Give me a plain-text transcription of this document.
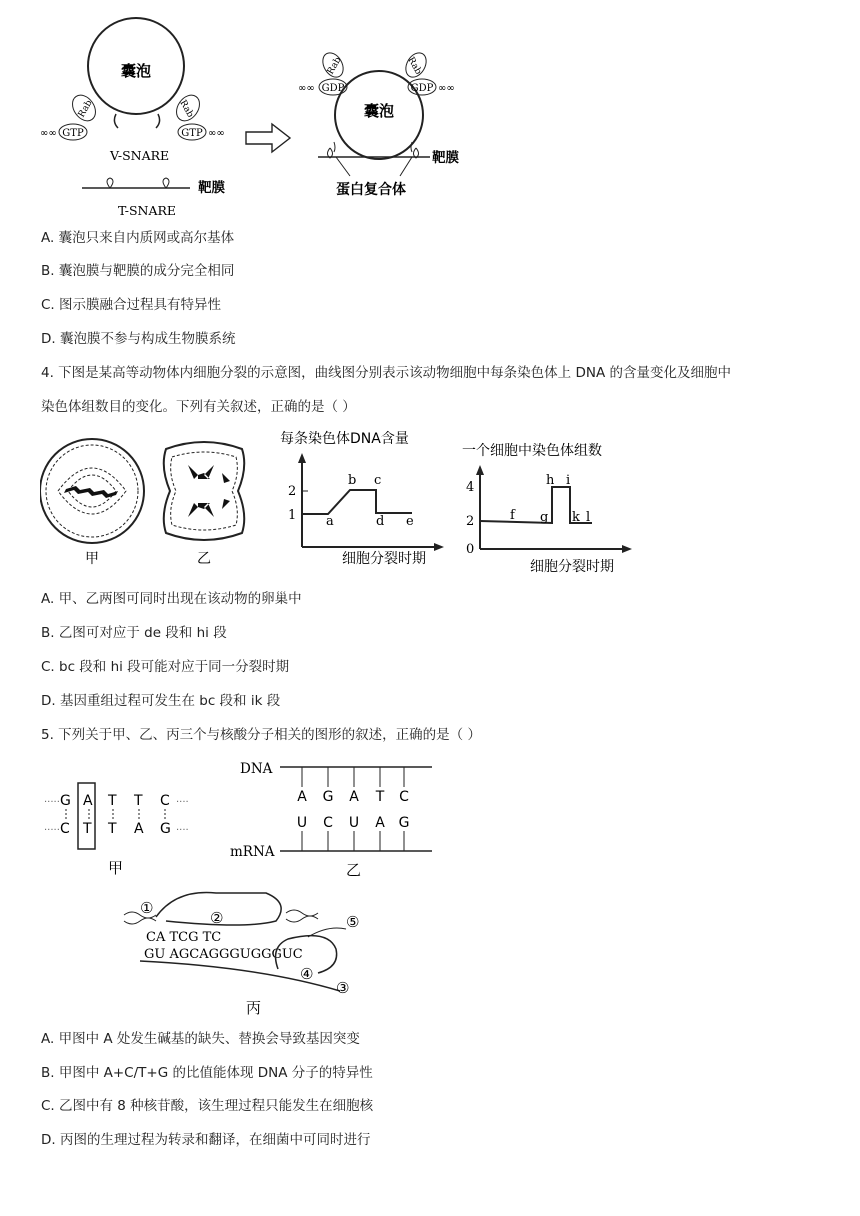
囊泡
Rab
GTP
∞∞
Rab
GTP ∞∞
V-SNARE
靶膜
T-SNARE
囊泡
靶膜
蛋白复合体
Rab
GDP
∞∞
Rab
GDP ∞∞
A. 囊泡只来自内质网或高尔基体
B. 囊泡膜与靶膜的成分完全相同
C. 图示膜融合过程具有特异性
D. 囊泡膜不参与构成生物膜系统
4. 下图是某高等动物体内细胞分裂的示意图，曲线图分别表示该动物细胞中每条染色体上 DNA 的含量变化及细胞中
染色体组数目的变化。下列有关叙述，正确的是（ ）
甲	乙
每条染色体DNA含量
2
1 a
b c
d e
细胞分裂时期
一个细胞中染色体组数
4
2
0
f g
h i
k l
细胞分裂时期
A. 甲、乙两图可同时出现在该动物的卵巢中
B. 乙图可对应于 de 段和 hi 段
C. bc 段和 hi 段可能对应于同一分裂时期
D. 基因重组过程可发生在 bc 段和 ik 段
5. 下列关于甲、乙、丙三个与核酸分子相关的图形的叙述，正确的是（ ）
·····
·····
····
····
G A T T C
C T T A G
甲
DNA
mRNA
A G A T C
U C U A G
乙
①
②
CA TCG TC
GU AGCAGGGUGGGUC
⑤
④
③
丙
A. 甲图中 A 处发生碱基的缺失、替换会导致基因突变
B. 甲图中 A+C/T+G 的比值能体现 DNA 分子的特异性
C. 乙图中有 8 种核苷酸，该生理过程只能发生在细胞核
D. 丙图的生理过程为转录和翻译，在细菌中可同时进行
